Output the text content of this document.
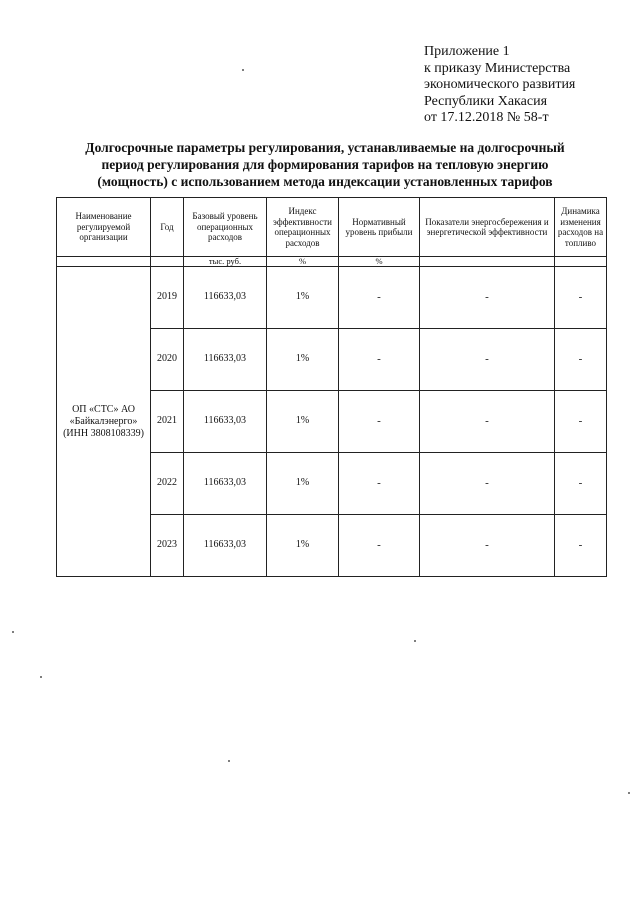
Приложение 1
к приказу Министерства
экономического развития
Республики Хакасия
от 17.12.2018 № 58-т
Долгосрочные параметры регулирования, устанавливаемые на долгосрочный
период регулирования для формирования тарифов на тепловую энергию
(мощность) с использованием метода индексации установленных тарифов
Наименование регулируемой организации	Год	Базовый уровень операционных расходов	Индекс эффективности операционных расходов	Нормативный уровень прибыли	Показатели энергосбережения и энергетической эффективности	Динамика изменения расходов на топливо
		тыс. руб.	%	%		
ОП «СТС» АО «Байкалэнерго» (ИНН 3808108339)	2019	116633,03	1%	-	-	-
	2020	116633,03	1%	-	-	-
	2021	116633,03	1%	-	-	-
	2022	116633,03	1%	-	-	-
	2023	116633,03	1%	-	-	-
